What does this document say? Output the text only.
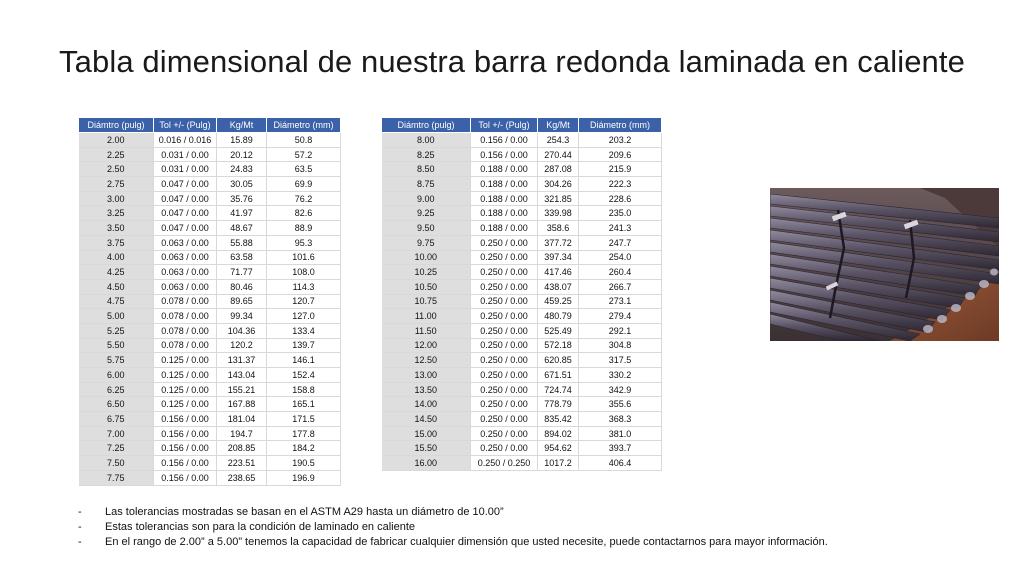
Tabla dimensional de nuestra barra redonda laminada en caliente
Diámtro (pulg)	Tol +/- (Pulg)	Kg/Mt	Diámetro (mm)
2.00	0.016 / 0.016	15.89	50.8
2.25	0.031 / 0.00	20.12	57.2
2.50	0.031 / 0.00	24.83	63.5
2.75	0.047 / 0.00	30.05	69.9
3.00	0.047 / 0.00	35.76	76.2
3.25	0.047 / 0.00	41.97	82.6
3.50	0.047 / 0.00	48.67	88.9
3.75	0.063 / 0.00	55.88	95.3
4.00	0.063 / 0.00	63.58	101.6
4.25	0.063 / 0.00	71.77	108.0
4.50	0.063 / 0.00	80.46	114.3
4.75	0.078 / 0.00	89.65	120.7
5.00	0.078 / 0.00	99.34	127.0
5.25	0.078 / 0.00	104.36	133.4
5.50	0.078 / 0.00	120.2	139.7
5.75	0.125 / 0.00	131.37	146.1
6.00	0.125 / 0.00	143.04	152.4
6.25	0.125 / 0.00	155.21	158.8
6.50	0.125 / 0.00	167.88	165.1
6.75	0.156 / 0.00	181.04	171.5
7.00	0.156 / 0.00	194.7	177.8
7.25	0.156 / 0.00	208.85	184.2
7.50	0.156 / 0.00	223.51	190.5
7.75	0.156 / 0.00	238.65	196.9
Diámtro (pulg)	Tol +/- (Pulg)	Kg/Mt	Diámetro (mm)
8.00	0.156 / 0.00	254.3	203.2
8.25	0.156 / 0.00	270.44	209.6
8.50	0.188 / 0.00	287.08	215.9
8.75	0.188 / 0.00	304.26	222.3
9.00	0.188 / 0.00	321.85	228.6
9.25	0.188 / 0.00	339.98	235.0
9.50	0.188 / 0.00	358.6	241.3
9.75	0.250 / 0.00	377.72	247.7
10.00	0.250 / 0.00	397.34	254.0
10.25	0.250 / 0.00	417.46	260.4
10.50	0.250 / 0.00	438.07	266.7
10.75	0.250 / 0.00	459.25	273.1
11.00	0.250 / 0.00	480.79	279.4
11.50	0.250 / 0.00	525.49	292.1
12.00	0.250 / 0.00	572.18	304.8
12.50	0.250 / 0.00	620.85	317.5
13.00	0.250 / 0.00	671.51	330.2
13.50	0.250 / 0.00	724.74	342.9
14.00	0.250 / 0.00	778.79	355.6
14.50	0.250 / 0.00	835.42	368.3
15.00	0.250 / 0.00	894.02	381.0
15.50	0.250 / 0.00	954.62	393.7
16.00	0.250 / 0.250	1017.2	406.4
- Las tolerancias mostradas se basan en el ASTM A29 hasta un diámetro de 10.00”
- Estas tolerancias son para la condición de laminado en caliente
- En el rango de 2.00” a 5.00” tenemos la capacidad de fabricar cualquier dimensión que usted necesite, puede contactarnos para mayor información.
